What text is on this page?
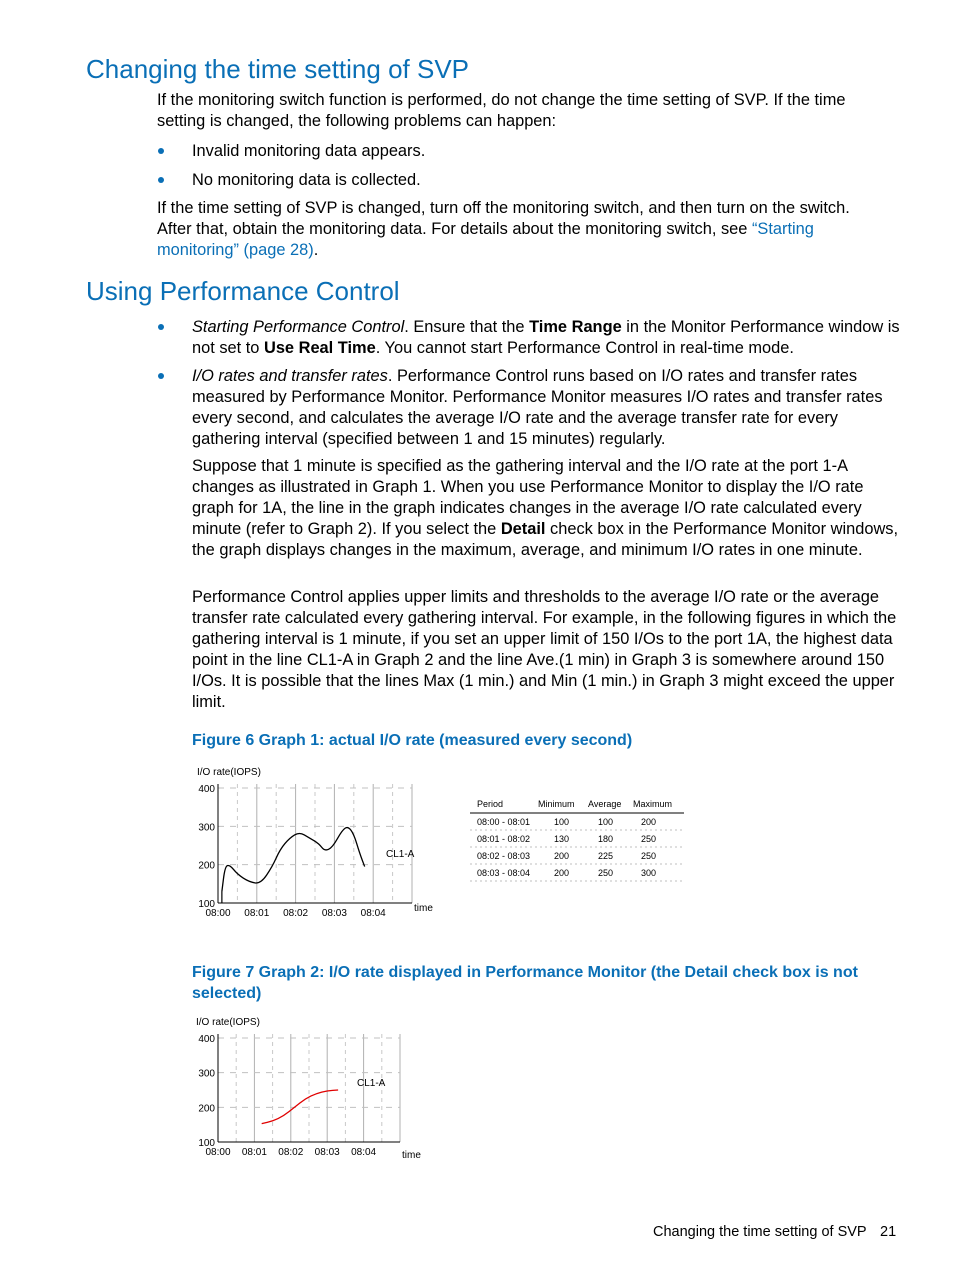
Changing the time setting of SVP

If the monitoring switch function is performed, do not change the time setting of SVP. If the time setting is changed, the following problems can happen:

Invalid monitoring data appears.

No monitoring data is collected.

If the time setting of SVP is changed, turn off the monitoring switch, and then turn on the switch. After that, obtain the monitoring data. For details about the monitoring switch, see “Starting monitoring” (page 28).

Using Performance Control

Starting Performance Control. Ensure that the Time Range in the Monitor Performance window is not set to Use Real Time. You cannot start Performance Control in real-time mode.

I/O rates and transfer rates. Performance Control runs based on I/O rates and transfer rates measured by Performance Monitor. Performance Monitor measures I/O rates and transfer rates every second, and calculates the average I/O rate and the average transfer rate for every gathering interval (specified between 1 and 15 minutes) regularly.

Suppose that 1 minute is specified as the gathering interval and the I/O rate at the port 1-A changes as illustrated in Graph 1. When you use Performance Monitor to display the I/O rate graph for 1A, the line in the graph indicates changes in the average I/O rate calculated every minute (refer to Graph 2). If you select the Detail check box in the Performance Monitor windows, the graph displays changes in the maximum, average, and minimum I/O rates in one minute.

Performance Control applies upper limits and thresholds to the average I/O rate or the average transfer rate calculated every gathering interval. For example, in the following figures in which the gathering interval is 1 minute, if you set an upper limit of 150 I/Os to the port 1A, the highest data point in the line CL1-A in Graph 2 and the line Ave.(1 min) in Graph 3 is somewhere around 150 I/Os. It is possible that the lines Max (1 min.) and Min (1 min.) in Graph 3 might exceed the upper limit.

Figure 6 Graph 1: actual I/O rate (measured every second)

100
200
300
400
08:00 08:01 08:02 08:03 08:04
I/O rate(IOPS)
time
CL1-A
Period	Minimum Average Maximum
08:00 - 08:01	100	100	200
08:01 - 08:02	130	180	250
08:02 - 08:03	200	225	250
08:03 - 08:04	200	250	300

Figure 7 Graph 2: I/O rate displayed in Performance Monitor (the Detail check box is not
selected)

100
200
300
400
08:00 08:01 08:02 08:03 08:04
I/O rate(IOPS)
time
CL1-A
Changing the time setting of SVP 21
